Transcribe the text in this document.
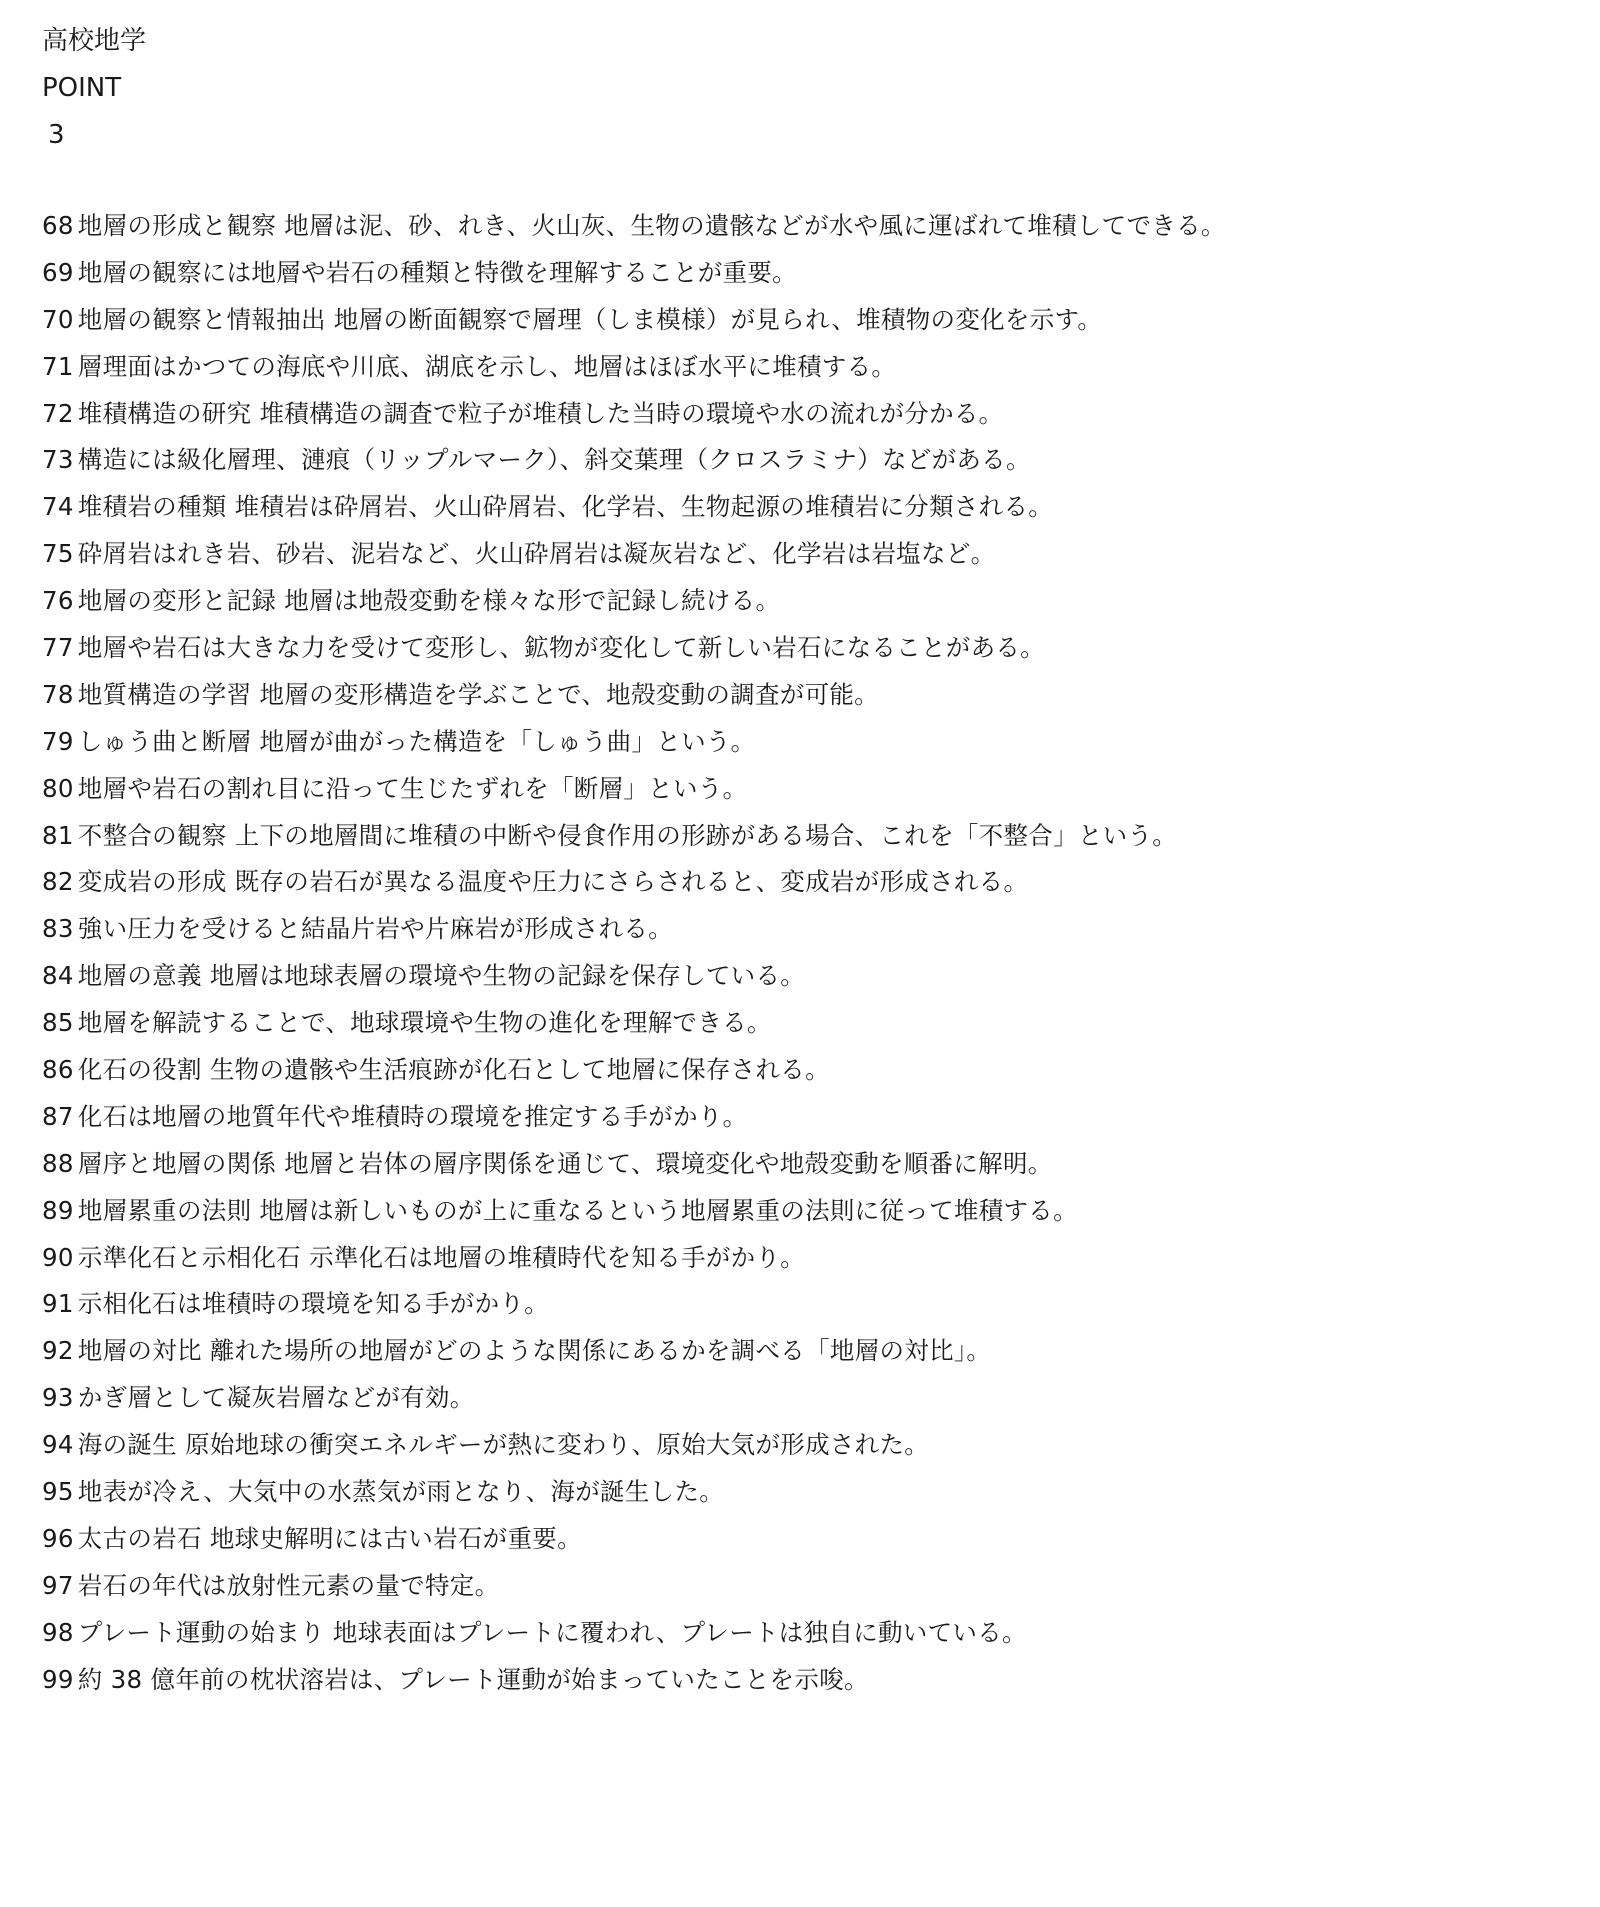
高校地学
POINT
3
68 地層の形成と観察 地層は泥、砂、れき、火山灰、生物の遺骸などが水や風に運ばれて堆積してできる。
69 地層の観察には地層や岩石の種類と特徴を理解することが重要。
70 地層の観察と情報抽出 地層の断面観察で層理（しま模様）が見られ、堆積物の変化を示す。
71 層理面はかつての海底や川底、湖底を示し、地層はほぼ水平に堆積する。
72 堆積構造の研究 堆積構造の調査で粒子が堆積した当時の環境や水の流れが分かる。
73 構造には級化層理、漣痕（リップルマーク）、斜交葉理（クロスラミナ）などがある。
74 堆積岩の種類 堆積岩は砕屑岩、火山砕屑岩、化学岩、生物起源の堆積岩に分類される。
75 砕屑岩はれき岩、砂岩、泥岩など、火山砕屑岩は凝灰岩など、化学岩は岩塩など。
76 地層の変形と記録 地層は地殻変動を様々な形で記録し続ける。
77 地層や岩石は大きな力を受けて変形し、鉱物が変化して新しい岩石になることがある。
78 地質構造の学習 地層の変形構造を学ぶことで、地殻変動の調査が可能。
79 しゅう曲と断層 地層が曲がった構造を「しゅう曲」という。
80 地層や岩石の割れ目に沿って生じたずれを「断層」という。
81 不整合の観察 上下の地層間に堆積の中断や侵食作用の形跡がある場合、これを「不整合」という。
82 変成岩の形成 既存の岩石が異なる温度や圧力にさらされると、変成岩が形成される。
83 強い圧力を受けると結晶片岩や片麻岩が形成される。
84 地層の意義 地層は地球表層の環境や生物の記録を保存している。
85 地層を解読することで、地球環境や生物の進化を理解できる。
86 化石の役割 生物の遺骸や生活痕跡が化石として地層に保存される。
87 化石は地層の地質年代や堆積時の環境を推定する手がかり。
88 層序と地層の関係 地層と岩体の層序関係を通じて、環境変化や地殻変動を順番に解明。
89 地層累重の法則 地層は新しいものが上に重なるという地層累重の法則に従って堆積する。
90 示準化石と示相化石 示準化石は地層の堆積時代を知る手がかり。
91 示相化石は堆積時の環境を知る手がかり。
92 地層の対比 離れた場所の地層がどのような関係にあるかを調べる「地層の対比」。
93 かぎ層として凝灰岩層などが有効。
94 海の誕生 原始地球の衝突エネルギーが熱に変わり、原始大気が形成された。
95 地表が冷え、大気中の水蒸気が雨となり、海が誕生した。
96 太古の岩石 地球史解明には古い岩石が重要。
97 岩石の年代は放射性元素の量で特定。
98 プレート運動の始まり 地球表面はプレートに覆われ、プレートは独自に動いている。
99 約 38 億年前の枕状溶岩は、プレート運動が始まっていたことを示唆。
